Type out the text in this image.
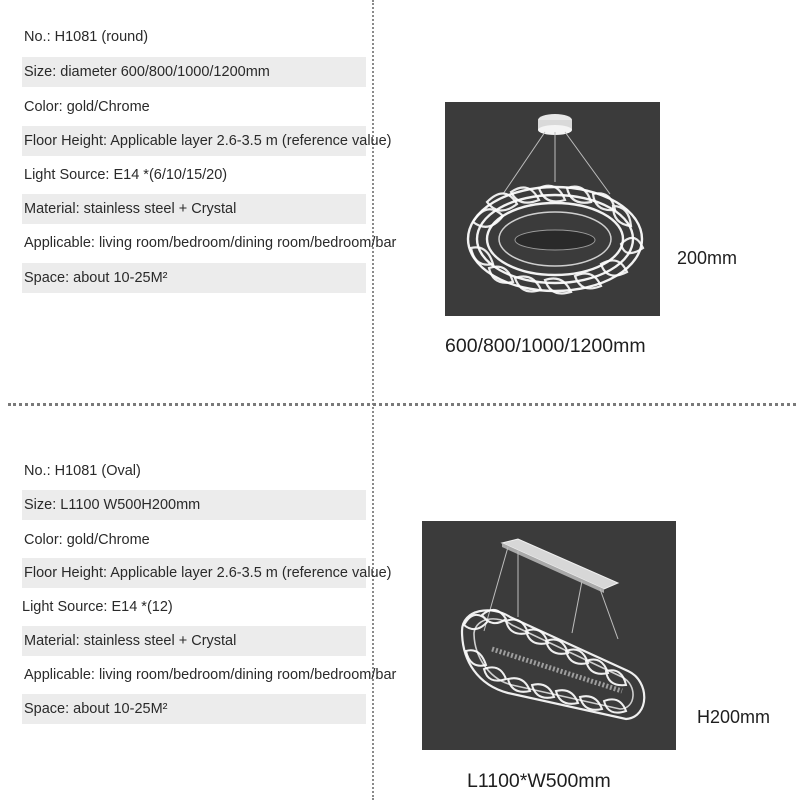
No.: H1081 (round)
Size: diameter 600/800/1000/1200mm
Color: gold/Chrome
Floor Height: Applicable layer 2.6-3.5 m (reference value)
Light Source: E14 *(6/10/15/20)
Material: stainless steel + Crystal
Applicable: living room/bedroom/dining room/bedroom/bar
Space: about 10-25M²
200mm
600/800/1000/1200mm
No.: H1081 (Oval)
Size: L1100 W500H200mm
Color: gold/Chrome
Floor Height: Applicable layer 2.6-3.5 m (reference value)
Light Source: E14 *(12)
Material: stainless steel + Crystal
Applicable: living room/bedroom/dining room/bedroom/bar
Space: about 10-25M²	H200mm
L1100*W500mm
